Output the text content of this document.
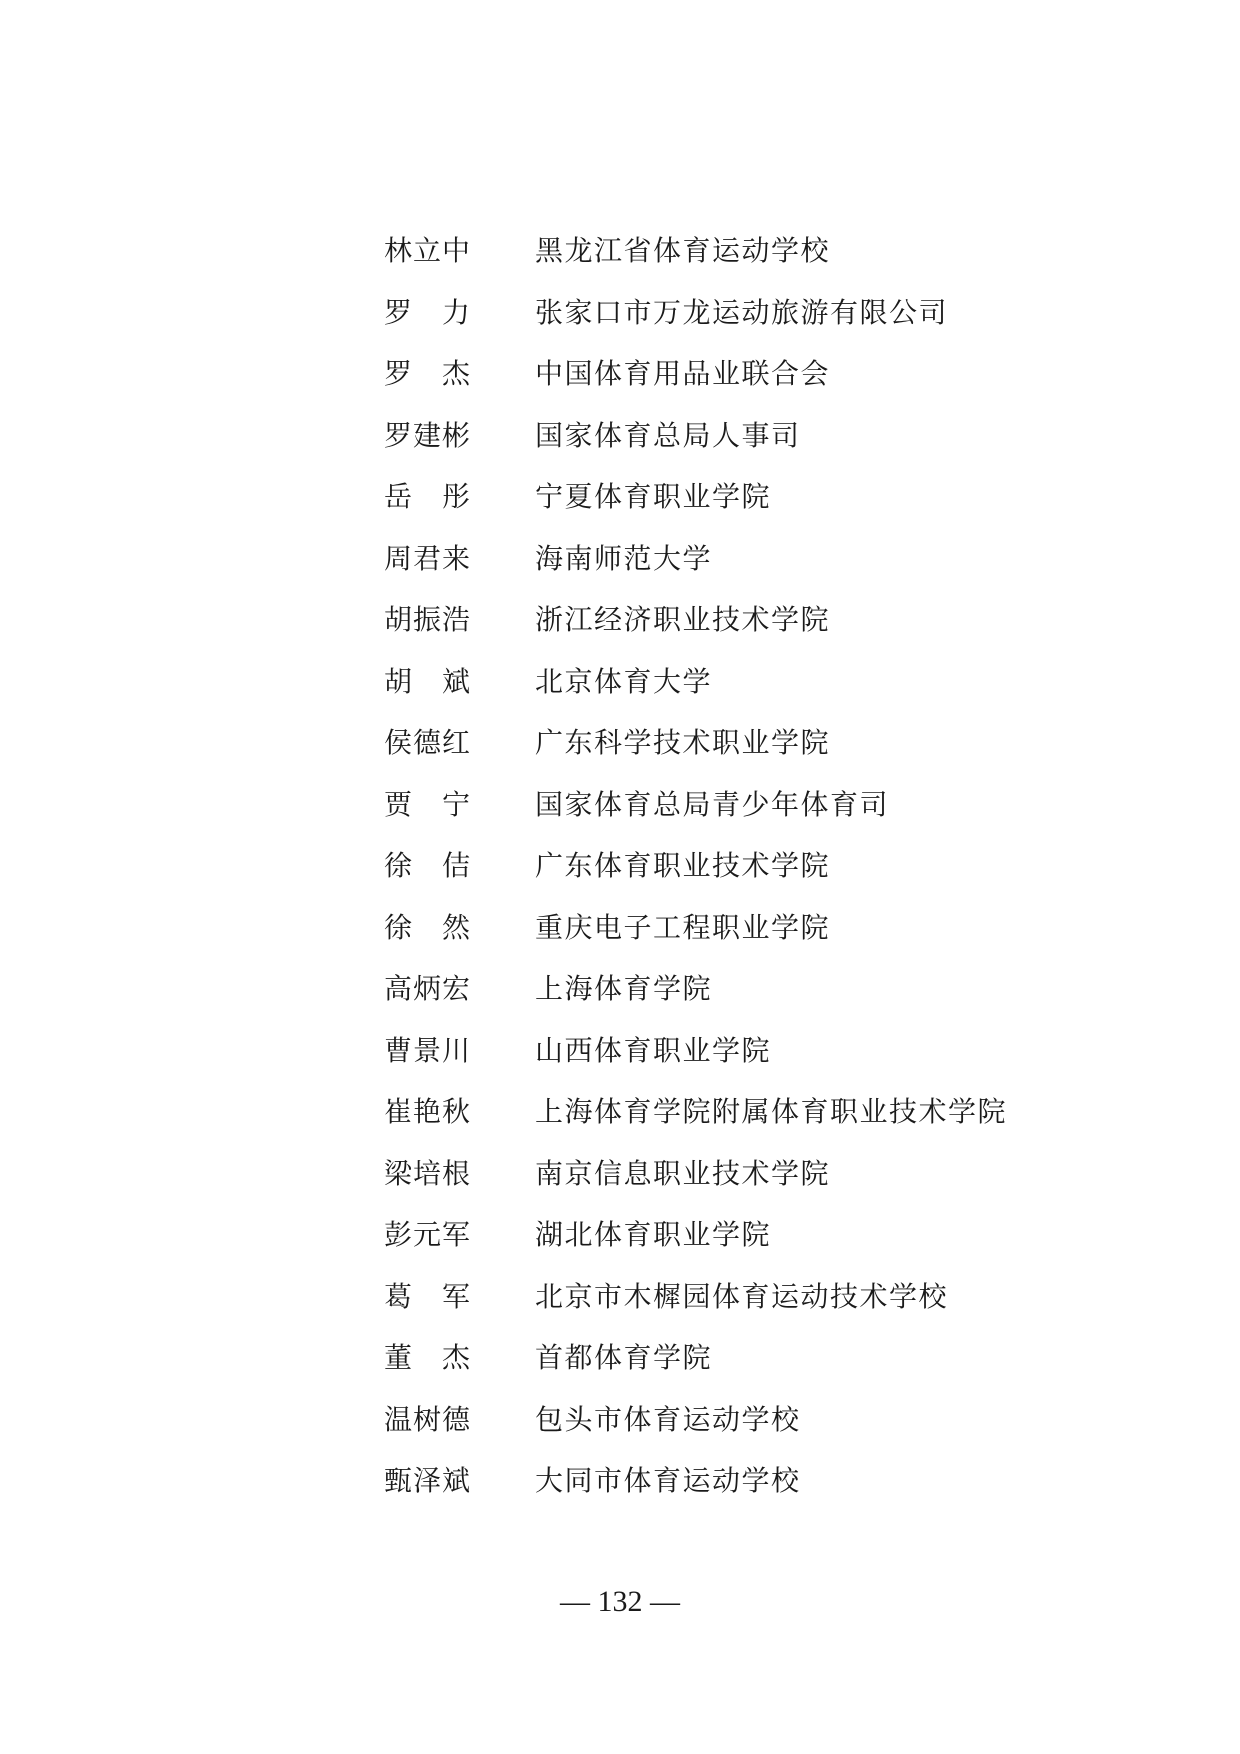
林立中	黑龙江省体育运动学校
罗　力	张家口市万龙运动旅游有限公司
罗　杰	中国体育用品业联合会
罗建彬	国家体育总局人事司
岳　彤	宁夏体育职业学院
周君来	海南师范大学
胡振浩	浙江经济职业技术学院
胡　斌	北京体育大学
侯德红	广东科学技术职业学院
贾　宁	国家体育总局青少年体育司
徐　佶	广东体育职业技术学院
徐　然	重庆电子工程职业学院
高炳宏	上海体育学院
曹景川	山西体育职业学院
崔艳秋	上海体育学院附属体育职业技术学院
梁培根	南京信息职业技术学院
彭元军	湖北体育职业学院
葛　军	北京市木樨园体育运动技术学校
董　杰	首都体育学院
温树德	包头市体育运动学校
甄泽斌	大同市体育运动学校
— 132 —
